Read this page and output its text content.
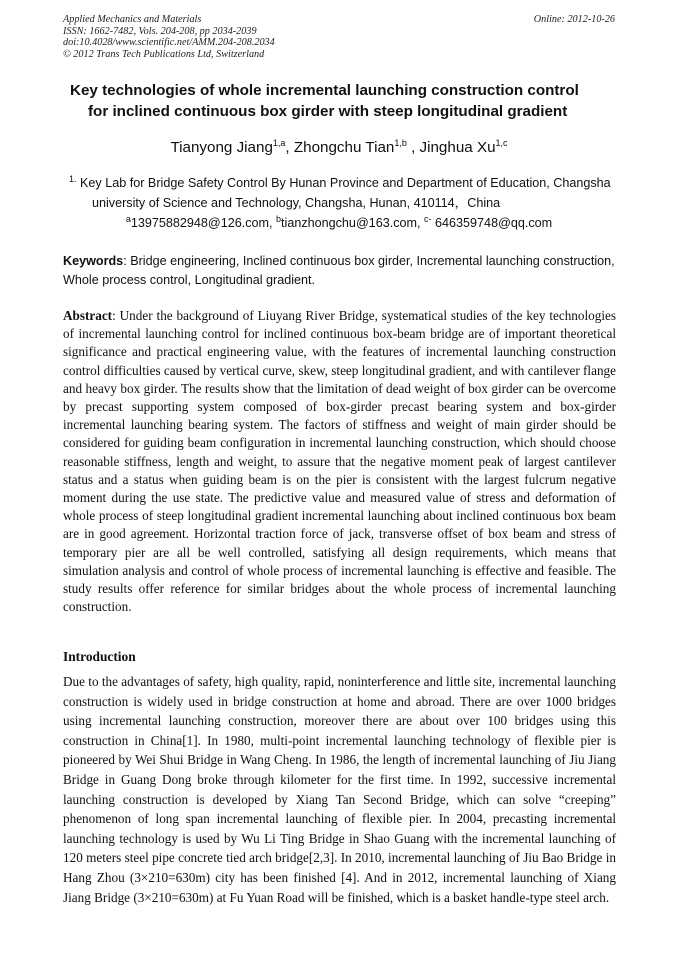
Applied Mechanics and Materials
ISSN: 1662-7482, Vols. 204-208, pp 2034-2039
doi:10.4028/www.scientific.net/AMM.204-208.2034
© 2012 Trans Tech Publications Ltd, Switzerland
Online: 2012-10-26
Key technologies of whole incremental launching construction control
for inclined continuous box girder with steep longitudinal gradient
Tianyong Jiang$^{1,a}$, Zhongchu Tian$^{1,b}$ , Jinghua Xu$^{1,c}$
$^{1.}$ Key Lab for Bridge Safety Control By Hunan Province and Department of Education, Changsha
university of Science and Technology, Changsha, Hunan, 410114，China
$^a$13975882948@126.com, $^b$tianzhongchu@163.com, $^{c-}$ 646359748@qq.com
Keywords: Bridge engineering, Inclined continuous box girder, Incremental launching construction, Whole process control, Longitudinal gradient.
Abstract: Under the background of Liuyang River Bridge, systematical studies of the key technologies of incremental launching control for inclined continuous box-beam bridge are of important theoretical significance and practical engineering value, with the features of incremental launching construction control difficulties caused by vertical curve, skew, steep longitudinal gradient, and with cantilever flange and heavy box girder. The results show that the limitation of dead weight of box girder can be overcome by precast supporting system composed of box-girder precast bearing system and box-girder incremental launching bearing system. The factors of stiffness and weight of main girder should be considered for guiding beam configuration in incremental launching construction, which should choose reasonable stiffness, length and weight, to assure that the negative moment peak of largest cantilever status and a status when guiding beam is on the pier is consistent with the largest fulcrum negative moment during the use state. The predictive value and measured value of stress and deformation of whole process of steep longitudinal gradient incremental launching about inclined continuous box beam are in good agreement. Horizontal traction force of jack, transverse offset of box beam and stress of temporary pier are all be well controlled, satisfying all design requirements, which means that simulation analysis and control of whole process of incremental launching is effective and feasible. The study results offer reference for similar bridges about the whole process of incremental launching construction.
Introduction
Due to the advantages of safety, high quality, rapid, noninterference and little site, incremental launching construction is widely used in bridge construction at home and abroad. There are over 1000 bridges using incremental launching construction, moreover there are about over 100 bridges using this construction in China[1]. In 1980, multi-point incremental launching technology of flexible pier is pioneered by Wei Shui Bridge in Wang Cheng. In 1986, the length of incremental launching of Jiu Jiang Bridge in Guang Dong broke through kilometer for the first time. In 1992, successive incremental launching construction is developed by Xiang Tan Second Bridge, which can solve “creeping” phenomenon of long span incremental launching of flexible pier. In 2004, precasting incremental launching technology is used by Wu Li Ting Bridge in Shao Guang with the incremental launching of 120 meters steel pipe concrete tied arch bridge[2,3]. In 2010, incremental launching of Jiu Bao Bridge in Hang Zhou (3×210=630m) city has been finished [4]. And in 2012, incremental launching of Xiang Jiang Bridge (3×210=630m) at Fu Yuan Road will be finished, which is a basket handle-type steel arch.
